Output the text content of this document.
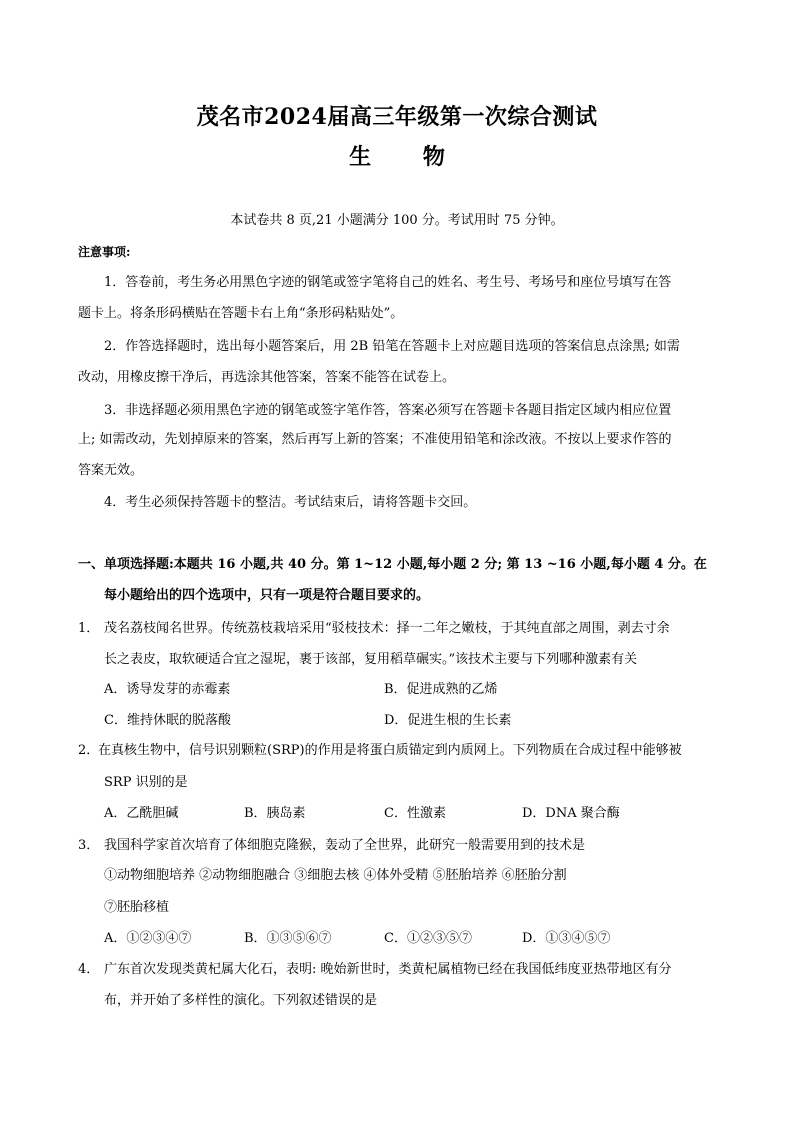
茂名市2024届高三年级第一次综合测试
生 物
本试卷共 8 页,21 小题满分 100 分。考试用时 75 分钟。
注意事项:
1．答卷前，考生务必用黑色字迹的钢笔或签字笔将自己的姓名、考生号、考场号和座位号填写在答
题卡上。将条形码横贴在答题卡右上角“条形码粘贴处”。
2．作答选择题时，选出每小题答案后，用 2B 铅笔在答题卡上对应题目选项的答案信息点涂黑; 如需
改动，用橡皮擦干净后，再选涂其他答案，答案不能答在试卷上。
3．非选择题必须用黑色字迹的钢笔或签字笔作答，答案必须写在答题卡各题目指定区域内相应位置
上; 如需改动，先划掉原来的答案，然后再写上新的答案；不准使用铅笔和涂改液。不按以上要求作答的
答案无效。
4．考生必须保持答题卡的整洁。考试结束后，请将答题卡交回。
一、单项选择题:本题共 16 小题,共 40 分。第 1~12 小题,每小题 2 分; 第 13 ~16 小题,每小题 4 分。在
每小题给出的四个选项中，只有一项是符合题目要求的。
1． 茂名荔枝闻名世界。传统荔枝栽培采用“驳枝技术：择一二年之嫩枝，于其纯直部之周围，剥去寸余
长之表皮，取软硬适合宜之湿坭，裹于该部，复用稻草碾实。”该技术主要与下列哪种激素有关
A．诱导发芽的赤霉素	B．促进成熟的乙烯
C．维持休眠的脱落酸	D．促进生根的生长素
2．
在真核生物中，信号识别颗粒(SRP)的作用是将蛋白质锚定到内质网上。下列物质在合成过程中能够被
SRP 识别的是
A．乙酰胆碱	B．胰岛素	C．性激素	D．DNA 聚合酶
3． 我国科学家首次培育了体细胞克隆猴，轰动了全世界，此研究一般需要用到的技术是
①动物细胞培养 ②动物细胞融合 ③细胞去核 ④体外受精 ⑤胚胎培养 ⑥胚胎分割
⑦胚胎移植
A．①②③④⑦	B．①③⑤⑥⑦	C．①②③⑤⑦	D．①③④⑤⑦
4． 广东首次发现类黄杞属大化石，表明: 晚始新世时，类黄杞属植物已经在我国低纬度亚热带地区有分
布，并开始了多样性的演化。下列叙述错误的是
